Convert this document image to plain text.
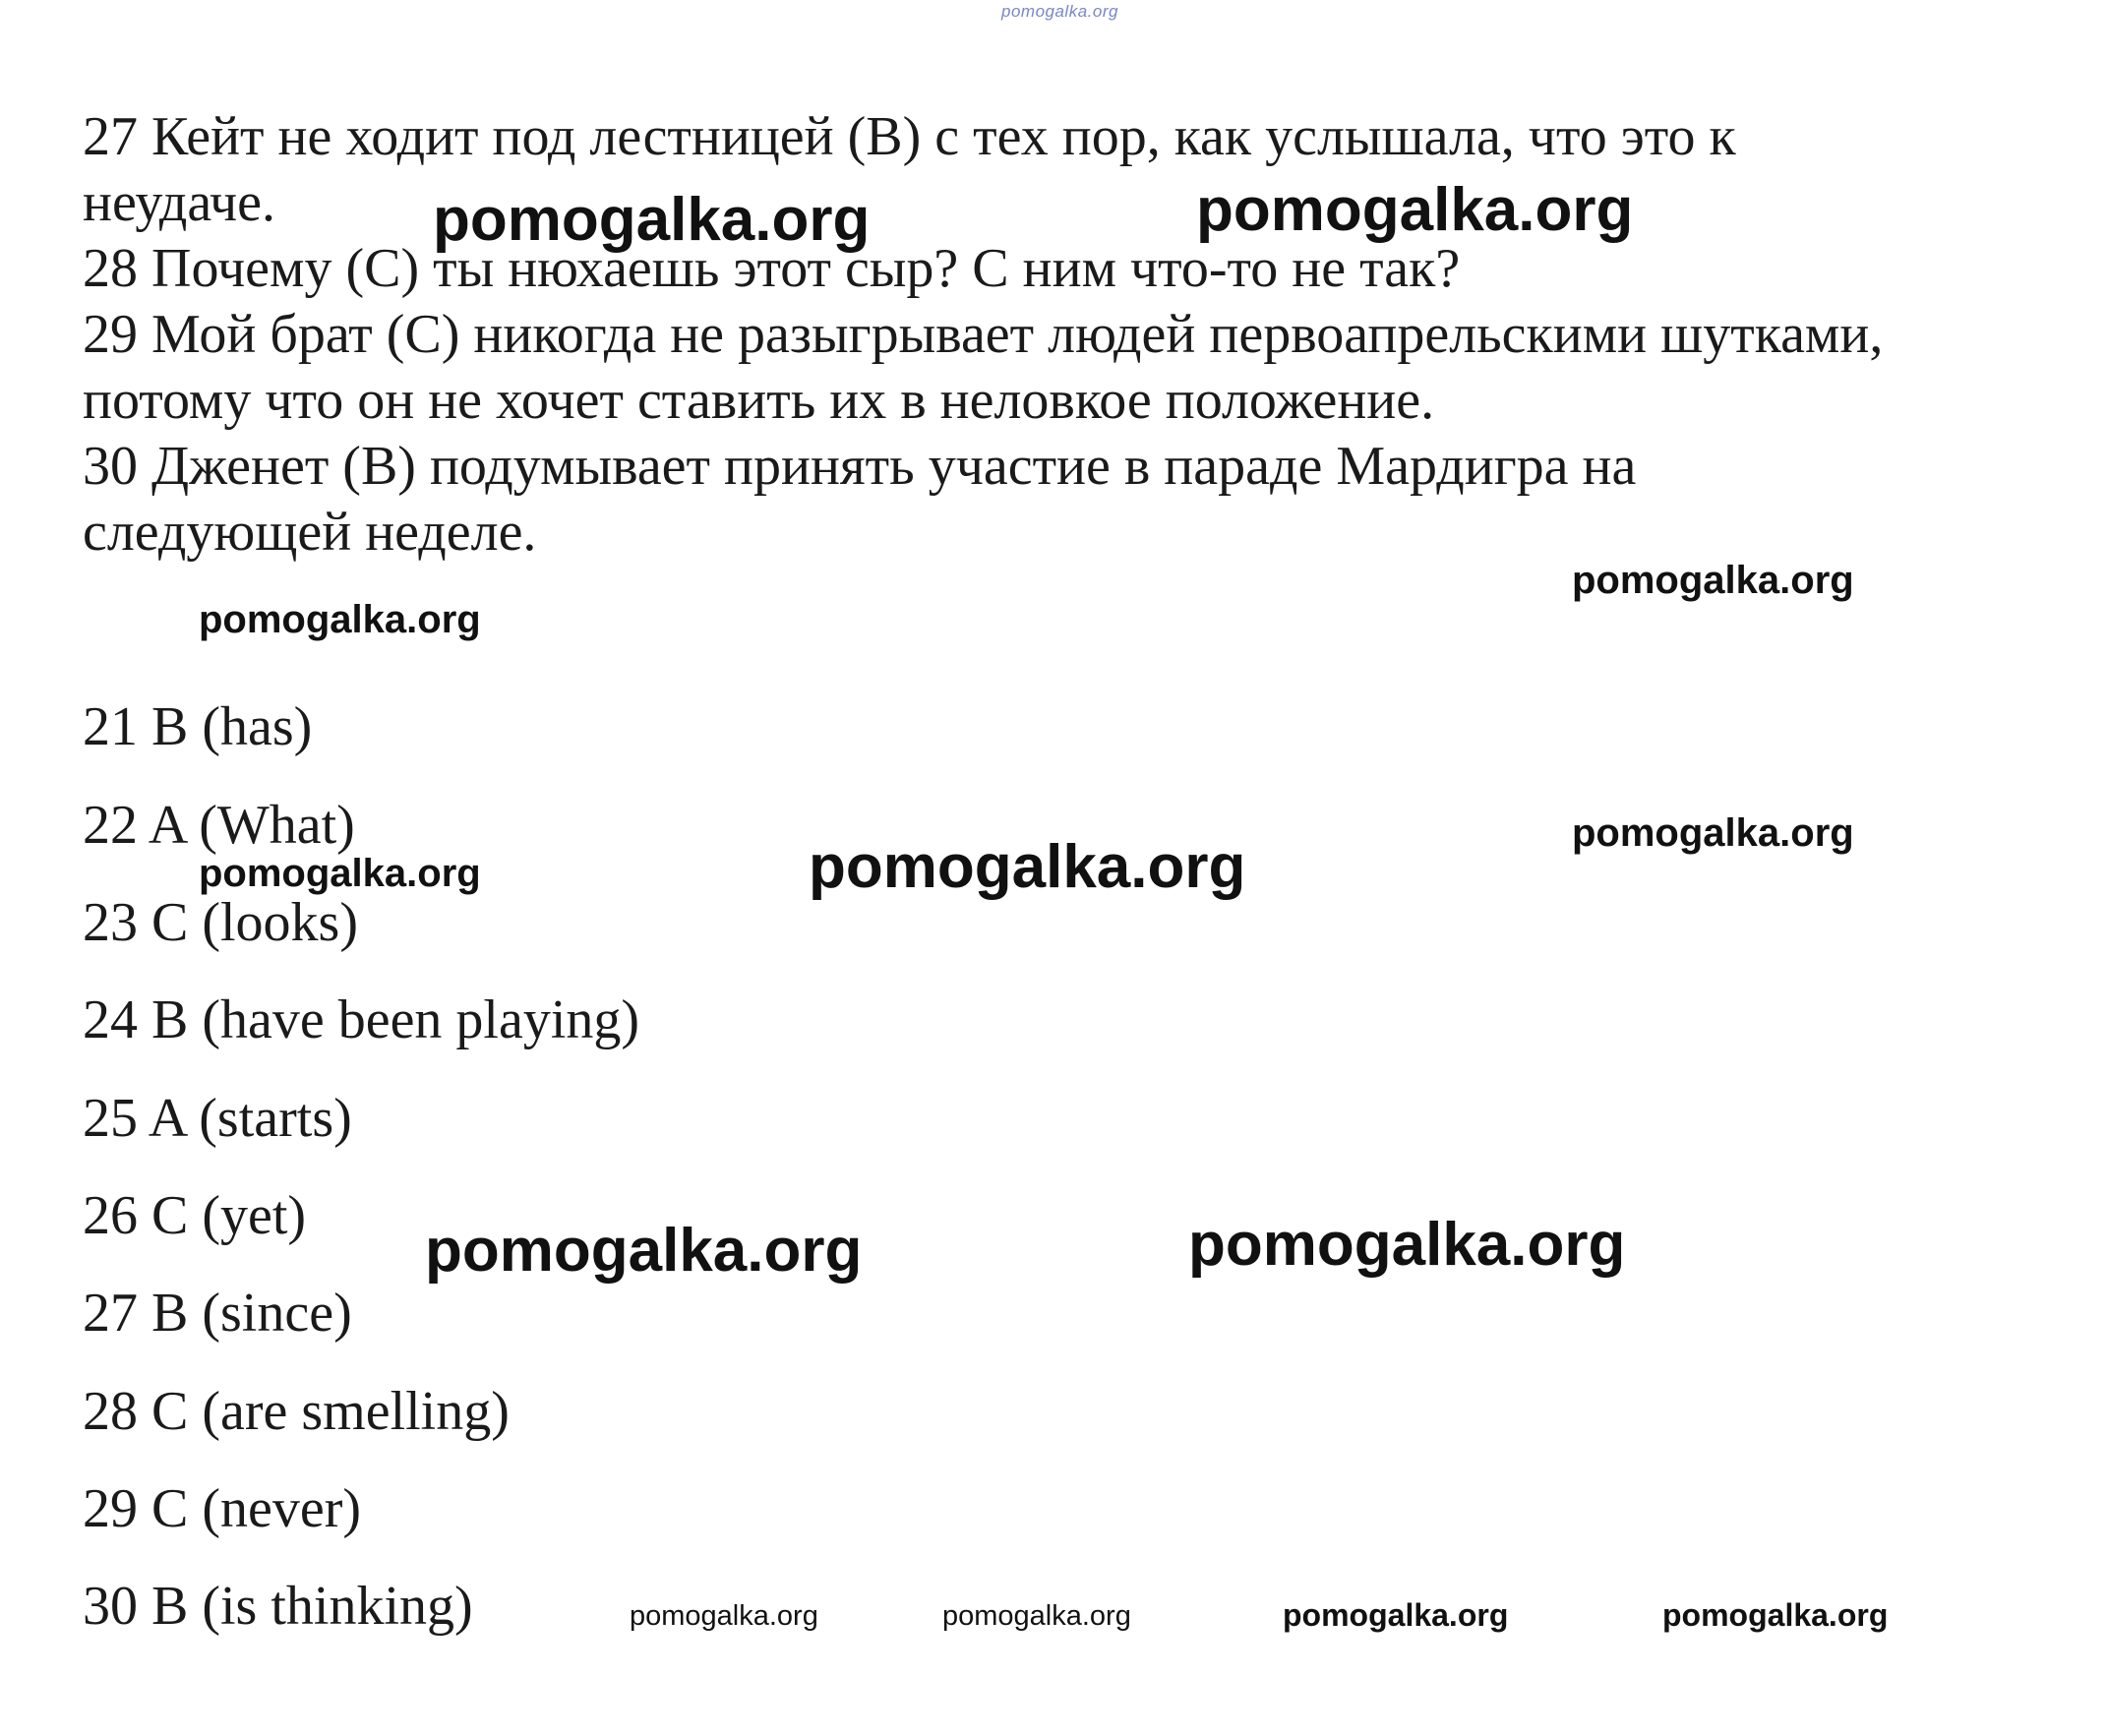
pomogalka.org
27 Кейт не ходит под лестницей (B) с тех пор, как услышала, что это к
неудаче.
28 Почему (C) ты нюхаешь этот сыр? С ним что-то не так?
29 Мой брат (C) никогда не разыгрывает людей первоапрельскими шутками,
потому что он не хочет ставить их в неловкое положение.
30 Дженет (B) подумывает принять участие в параде Мардигра на
следующей неделе.
21 B (has)
22 A (What)
23 C (looks)
24 B (have been playing)
25 A (starts)
26 C (yet)
27 B (since)
28 C (are smelling)
29 C (never)
30 B (is thinking)
pomogalka.org	pomogalka.org
pomogalka.org
pomogalka.org
pomogalka.org
pomogalka.org	pomogalka.org
pomogalka.org	pomogalka.org
pomogalka.org	pomogalka.org	pomogalka.org	pomogalka.org
